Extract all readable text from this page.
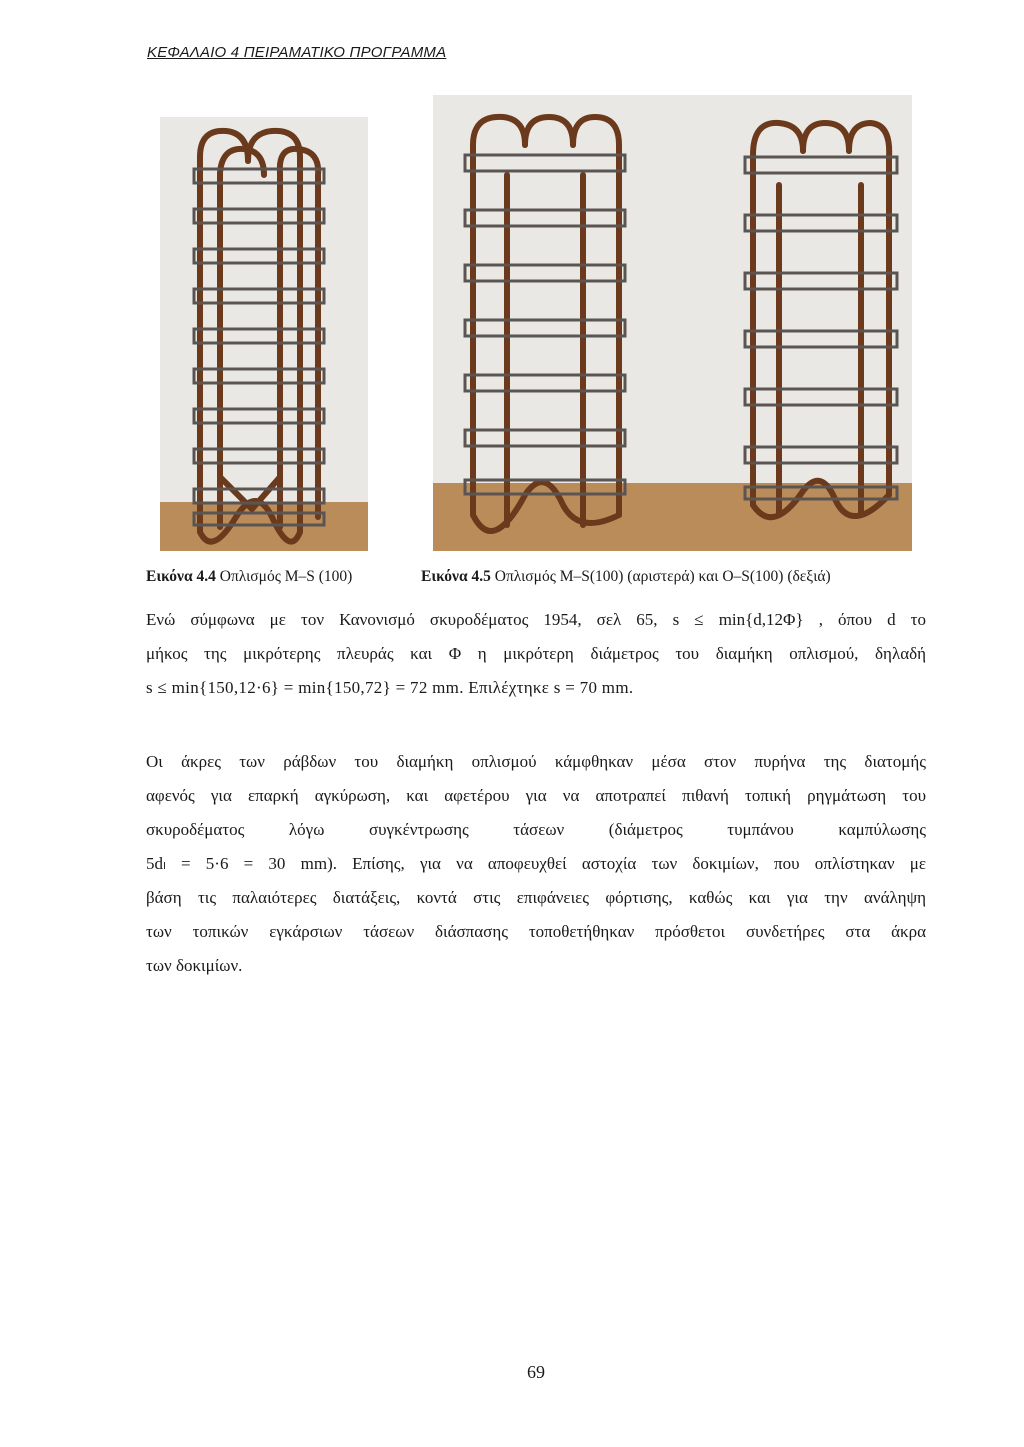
ΚΕΦΑΛΑΙΟ 4 ΠΕΙΡΑΜΑΤΙΚΟ ΠΡΟΓΡΑΜΜΑ
Εικόνα 4.4 Οπλισμός M–S (100)	Εικόνα 4.5 Οπλισμός M–S(100) (αριστερά) και O–S(100) (δεξιά)
Ενώ σύμφωνα με τον Κανονισμό σκυροδέματος 1954, σελ 65, s ≤ min{d,12Φ} , όπου d το
μήκος της μικρότερης πλευράς και Φ η μικρότερη διάμετρος του διαμήκη οπλισμού, δηλαδή
s ≤ min{150,12·6} = min{150,72} = 72 mm. Επιλέχτηκε s = 70 mm.
Οι άκρες των ράβδων του διαμήκη οπλισμού κάμφθηκαν μέσα στον πυρήνα της διατομής
αφενός για επαρκή αγκύρωση, και αφετέρου για να αποτραπεί πιθανή τοπική ρηγμάτωση του
σκυροδέματος λόγω συγκέντρωσης τάσεων (διάμετρος τυμπάνου καμπύλωσης
5dₗ = 5·6 = 30 mm). Επίσης, για να αποφευχθεί αστοχία των δοκιμίων, που οπλίστηκαν με
βάση τις παλαιότερες διατάξεις, κοντά στις επιφάνειες φόρτισης, καθώς και για την ανάληψη
των τοπικών εγκάρσιων τάσεων διάσπασης τοποθετήθηκαν πρόσθετοι συνδετήρες στα άκρα
των δοκιμίων.
69
